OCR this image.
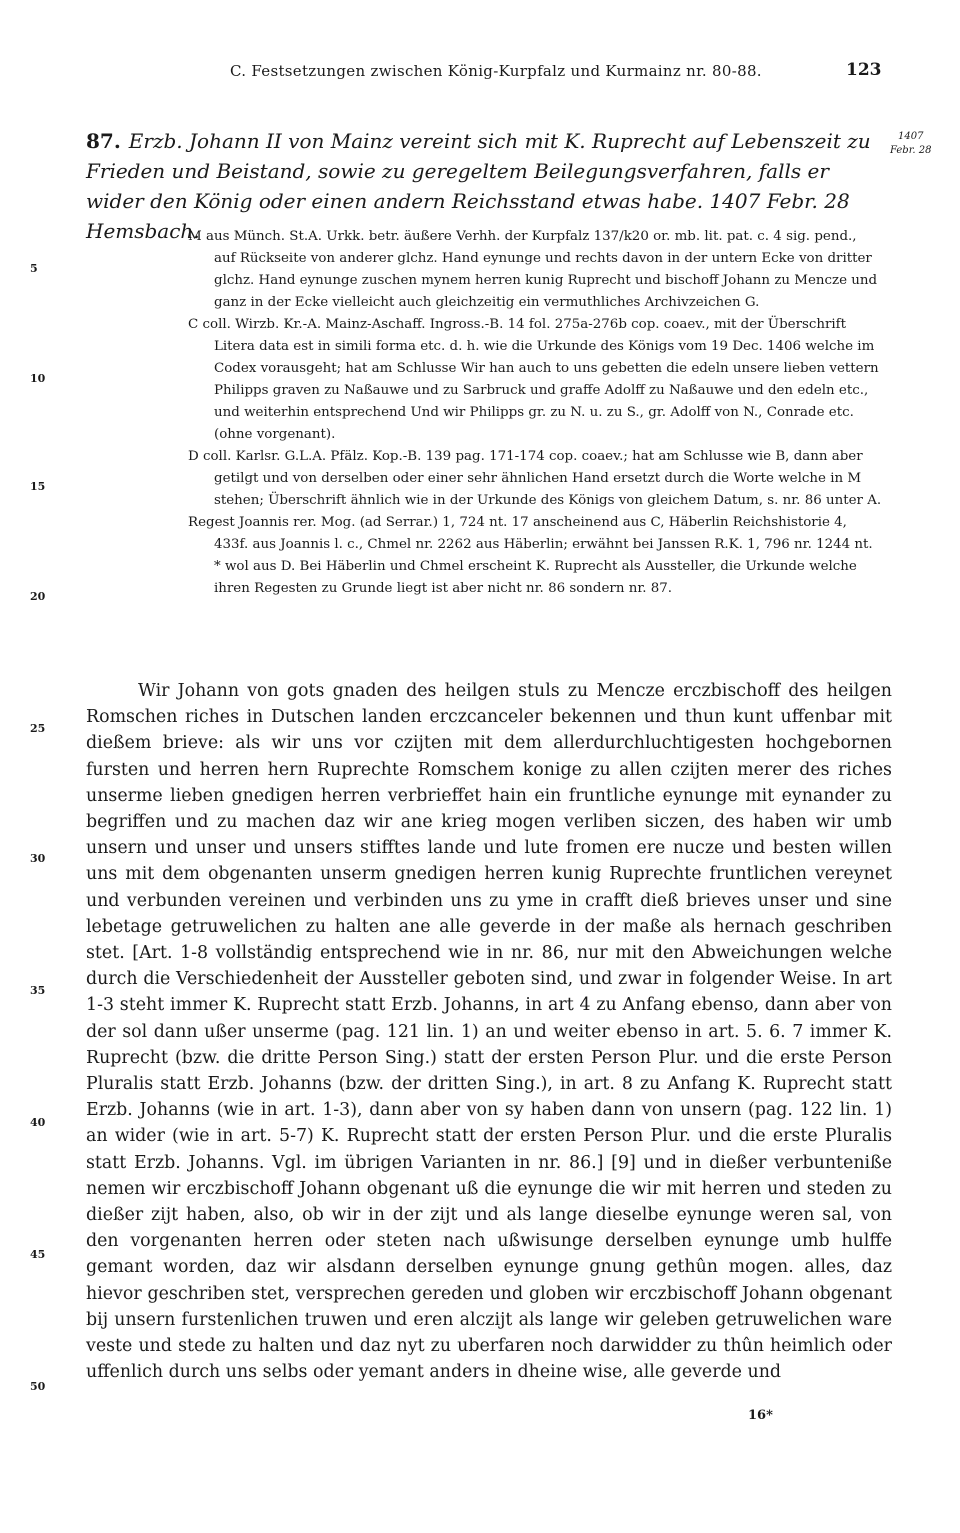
C. Festsetzungen zwischen König-Kurpfalz und Kurmainz nr. 80-88.	123
87. Erzb. Johann II von Mainz vereint sich mit K. Ruprecht auf Lebenszeit zu Frieden und Beistand, sowie zu geregeltem Beilegungsverfahren, falls er wider den König oder einen andern Reichsstand etwas habe. 1407 Febr. 28 Hemsbach.
1407
Febr. 28
5
10
15
20
25
30
35
40
45
50

M aus Münch. St.A. Urkk. betr. äußere Verhh. der Kurpfalz 137/k20 or. mb. lit. pat. c. 4 sig. pend., auf Rückseite von anderer glchz. Hand eynunge und rechts davon in der untern Ecke von dritter glchz. Hand eynunge zuschen mynem herren kunig Ruprecht und bischoff Johann zu Mencze und ganz in der Ecke vielleicht auch gleichzeitig ein vermuthliches Archivzeichen G.

C coll. Wirzb. Kr.-A. Mainz-Aschaff. Ingross.-B. 14 fol. 275a-276b cop. coaev., mit der Überschrift Litera data est in simili forma etc. d. h. wie die Urkunde des Königs vom 19 Dec. 1406 welche im Codex vorausgeht; hat am Schlusse Wir han auch to uns gebetten die edeln unsere lieben vettern Philipps graven zu Naßauwe und zu Sarbruck und graffe Adolff zu Naßauwe und den edeln etc., und weiterhin entsprechend Und wir Philipps gr. zu N. u. zu S., gr. Adolff von N., Conrade etc. (ohne vorgenant).

D coll. Karlsr. G.L.A. Pfälz. Kop.-B. 139 pag. 171-174 cop. coaev.; hat am Schlusse wie B, dann aber getilgt und von derselben oder einer sehr ähnlichen Hand ersetzt durch die Worte welche in M stehen; Überschrift ähnlich wie in der Urkunde des Königs von gleichem Datum, s. nr. 86 unter A.

Regest Joannis rer. Mog. (ad Serrar.) 1, 724 nt. 17 anscheinend aus C, Häberlin Reichshistorie 4, 433f. aus Joannis l. c., Chmel nr. 2262 aus Häberlin; erwähnt bei Janssen R.K. 1, 796 nr. 1244 nt. * wol aus D. Bei Häberlin und Chmel erscheint K. Ruprecht als Aussteller, die Urkunde welche ihren Regesten zu Grunde liegt ist aber nicht nr. 86 sondern nr. 87.

Wir Johann von gots gnaden des heilgen stuls zu Mencze erczbischoff des heilgen Romschen riches in Dutschen landen erczcanceler bekennen und thun kunt uffenbar mit dießem brieve: als wir uns vor czijten mit dem allerdurchluchtigesten hochgebornen fursten und herren hern Ruprechte Romschem konige zu allen czijten merer des riches unserme lieben gnedigen herren verbrieffet hain ein fruntliche eynunge mit eynander zu begriffen und zu machen daz wir ane krieg mogen verliben siczen, des haben wir umb unsern und unser und unsers stifftes lande und lute fromen ere nucze und besten willen uns mit dem obgenanten unserm gnedigen herren kunig Ruprechte fruntlichen vereynet und verbunden vereinen und verbinden uns zu yme in crafft dieß brieves unser und sine lebetage getruwelichen zu halten ane alle geverde in der maße als hernach geschriben stet. [Art. 1-8 vollständig entsprechend wie in nr. 86, nur mit den Abweichungen welche durch die Verschiedenheit der Aussteller geboten sind, und zwar in folgender Weise. In art 1-3 steht immer K. Ruprecht statt Erzb. Johanns, in art 4 zu Anfang ebenso, dann aber von der sol dann ußer unserme (pag. 121 lin. 1) an und weiter ebenso in art. 5. 6. 7 immer K. Ruprecht (bzw. die dritte Person Sing.) statt der ersten Person Plur. und die erste Person Pluralis statt Erzb. Johanns (bzw. der dritten Sing.), in art. 8 zu Anfang K. Ruprecht statt Erzb. Johanns (wie in art. 1-3), dann aber von sy haben dann von unsern (pag. 122 lin. 1) an wider (wie in art. 5-7) K. Ruprecht statt der ersten Person Plur. und die erste Pluralis statt Erzb. Johanns. Vgl. im übrigen Varianten in nr. 86.] [9] und in dießer verbunteniße nemen wir erczbischoff Johann obgenant uß die eynunge die wir mit herren und steden zu dießer zijt haben, also, ob wir in der zijt und als lange dieselbe eynunge weren sal, von den vorgenanten herren oder steten nach ußwisunge derselben eynunge umb hulffe gemant worden, daz wir alsdann derselben eynunge gnung gethûn mogen. alles, daz hievor geschriben stet, versprechen gereden und globen wir erczbischoff Johann obgenant bij unsern furstenlichen truwen und eren alczijt als lange wir geleben getruwelichen ware veste und stede zu halten und daz nyt zu uberfaren noch darwidder zu thûn heimlich oder uffenlich durch uns selbs oder yemant anders in dheine wise, alle geverde und

16*
